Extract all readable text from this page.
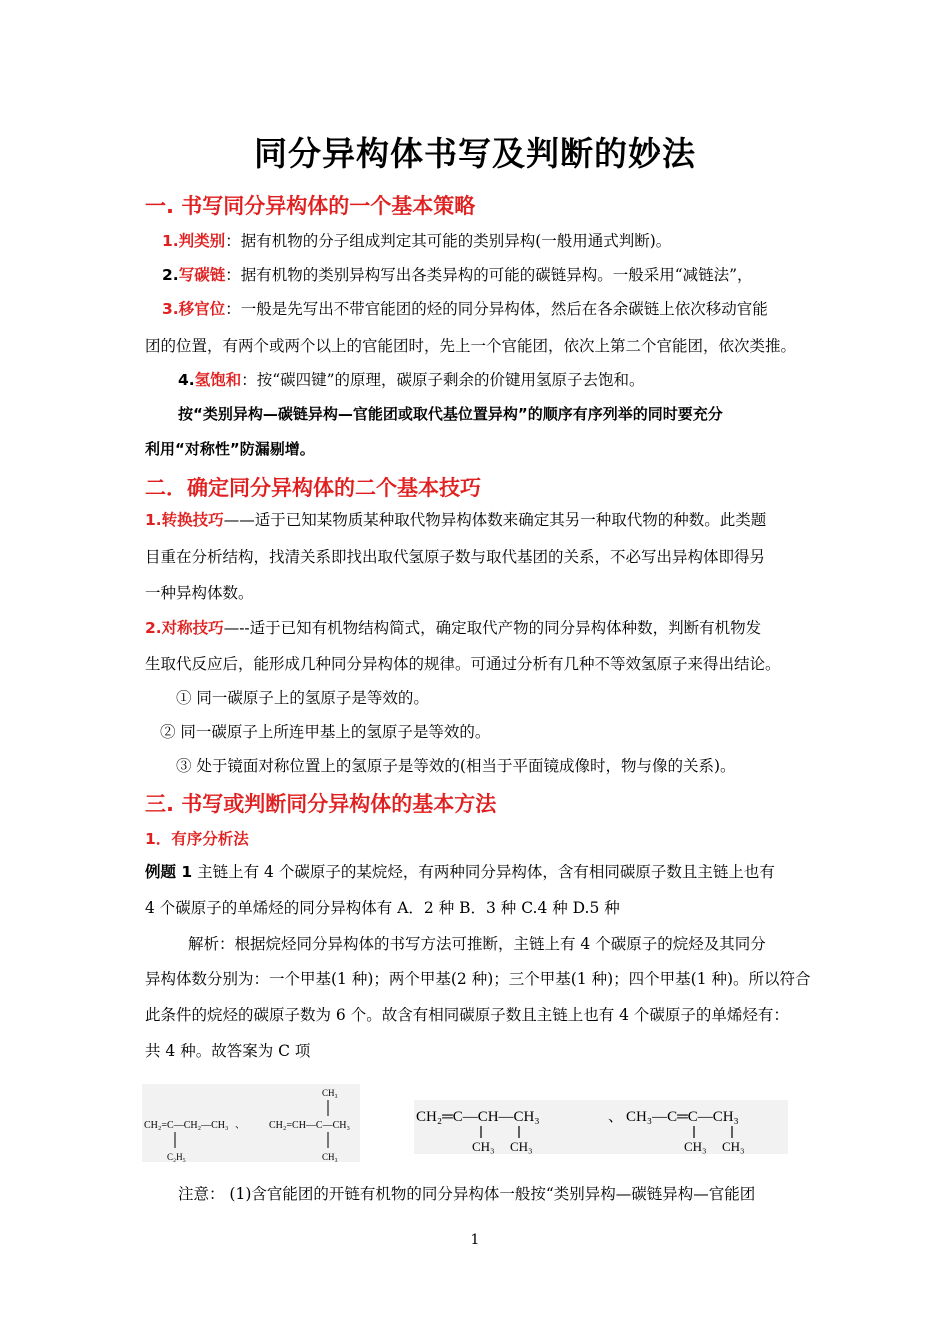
同分异构体书写及判断的妙法
一. 书写同分异构体的一个基本策略
1.判类别：据有机物的分子组成判定其可能的类别异构(一般用通式判断)。
2.写碳链：据有机物的类别异构写出各类异构的可能的碳链异构。一般采用“减链法”，
3.移官位：一般是先写出不带官能团的烃的同分异构体，然后在各余碳链上依次移动官能
团的位置，有两个或两个以上的官能团时，先上一个官能团，依次上第二个官能团，依次类推。
4.氢饱和：按“碳四键”的原理，碳原子剩余的价键用氢原子去饱和。
按“类别异构—碳链异构—官能团或取代基位置异构”的顺序有序列举的同时要充分
利用“对称性”防漏剔增。
二．确定同分异构体的二个基本技巧
1.转换技巧——适于已知某物质某种取代物异构体数来确定其另一种取代物的种数。此类题
目重在分析结构，找清关系即找出取代氢原子数与取代基团的关系，不必写出异构体即得另
一种异构体数。
2.对称技巧—--适于已知有机物结构简式，确定取代产物的同分异构体种数，判断有机物发
生取代反应后，能形成几种同分异构体的规律。可通过分析有几种不等效氢原子来得出结论。
① 同一碳原子上的氢原子是等效的。
② 同一碳原子上所连甲基上的氢原子是等效的。
③ 处于镜面对称位置上的氢原子是等效的(相当于平面镜成像时，物与像的关系)。
三. 书写或判断同分异构体的基本方法
1．有序分析法
例题 1 主链上有 4 个碳原子的某烷烃，有两种同分异构体，含有相同碳原子数且主链上也有
4 个碳原子的单烯烃的同分异构体有 A．2 种 B．3 种 C.4 种 D.5 种
解析：根据烷烃同分异构体的书写方法可推断，主链上有 4 个碳原子的烷烃及其同分
异构体数分别为：一个甲基(1 种)；两个甲基(2 种)；三个甲基(1 种)；四个甲基(1 种)。所以符合
此条件的烷烃的碳原子数为 6 个。故含有相同碳原子数且主链上也有 4 个碳原子的单烯烃有：
共 4 种。故答案为 C 项
CH₂=C—CH₂—CH₃
C₂H₅
、
CH₃
CH₂=CH—C—CH₃
CH₃
CH₂═C—CH—CH₃
CH₃ CH₃
、 CH₃—C═C—CH₃
CH₃ CH₃
注意： (1)含官能团的开链有机物的同分异构体一般按“类别异构—碳链异构—官能团
1
